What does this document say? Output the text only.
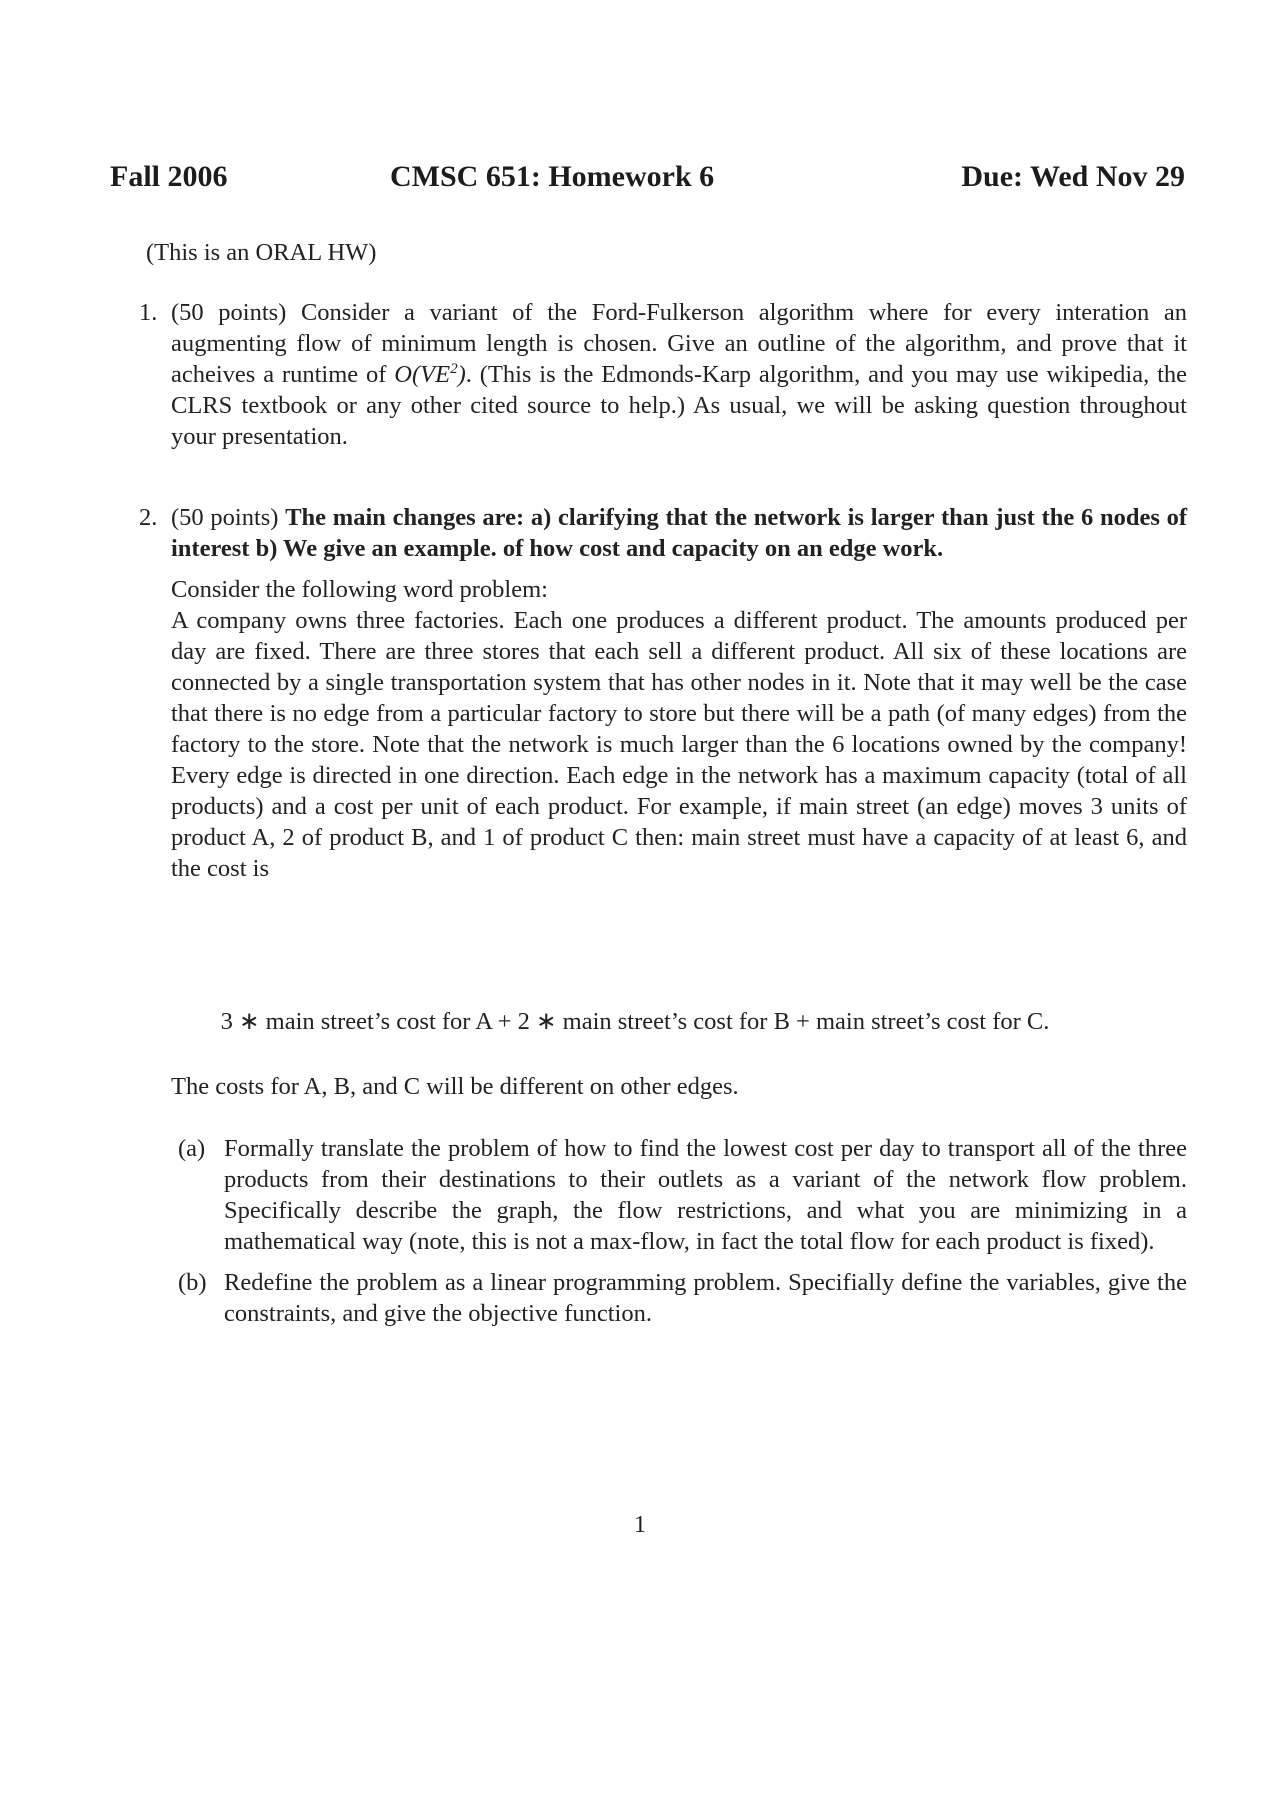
Fall 2006	CMSC 651: Homework 6	Due: Wed Nov 29
(This is an ORAL HW)
1. (50 points) Consider a variant of the Ford-Fulkerson algorithm where for every interation an augmenting flow of minimum length is chosen. Give an outline of the algorithm, and prove that it acheives a runtime of $O(VE^2)$. (This is the Edmonds-Karp algorithm, and you may use wikipedia, the CLRS textbook or any other cited source to help.) As usual, we will be asking question throughout your presentation.
2. (50 points) The main changes are: a) clarifying that the network is larger than just the 6 nodes of interest b) We give an example. of how cost and capacity on an edge work.

Consider the following word problem:

A company owns three factories. Each one produces a different product. The amounts produced per day are fixed. There are three stores that each sell a different product. All six of these locations are connected by a single transportation system that has other nodes in it. Note that it may well be the case that there is no edge from a particular factory to store but there will be a path (of many edges) from the factory to the store. Note that the network is much larger than the 6 locations owned by the company! Every edge is directed in one direction. Each edge in the network has a maximum capacity (total of all products) and a cost per unit of each product. For example, if main street (an edge) moves 3 units of product A, 2 of product B, and 1 of product C then: main street must have a capacity of at least 6, and the cost is

3 ∗ main street’s cost for A + 2 ∗ main street’s cost for B + main street’s cost for C.
The costs for A, B, and C will be different on other edges.
(a) Formally translate the problem of how to find the lowest cost per day to transport all of the three products from their destinations to their outlets as a variant of the network flow problem. Specifically describe the graph, the flow restrictions, and what you are minimizing in a mathematical way (note, this is not a max-flow, in fact the total flow for each product is fixed).
(b) Redefine the problem as a linear programming problem. Specifially define the variables, give the constraints, and give the objective function.
1
